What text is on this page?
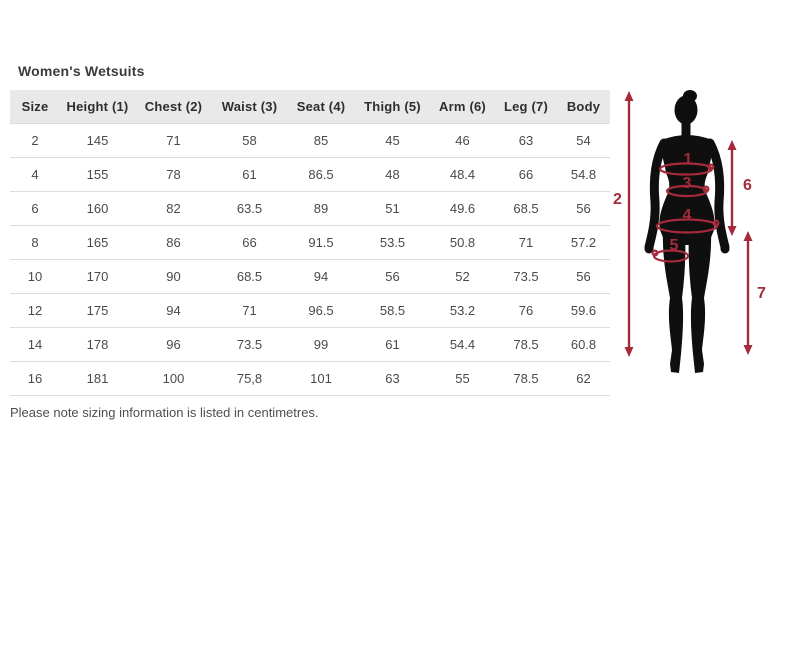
Women's Wetsuits
Size	Height (1)	Chest (2)	Waist (3)	Seat (4)	Thigh (5)	Arm (6)	Leg (7)	Body
2	145	71	58	85	45	46	63	54
4	155	78	61	86.5	48	48.4	66	54.8
6	160	82	63.5	89	51	49.6	68.5	56
8	165	86	66	91.5	53.5	50.8	71	57.2
10	170	90	68.5	94	56	52	73.5	56
12	175	94	71	96.5	58.5	53.2	76	59.6
14	178	96	73.5	99	61	54.4	78.5	60.8
16	181	100	75,8	101	63	55	78.5	62

Please note sizing information is listed in centimetres.

2
1
3
4
5
6
7
